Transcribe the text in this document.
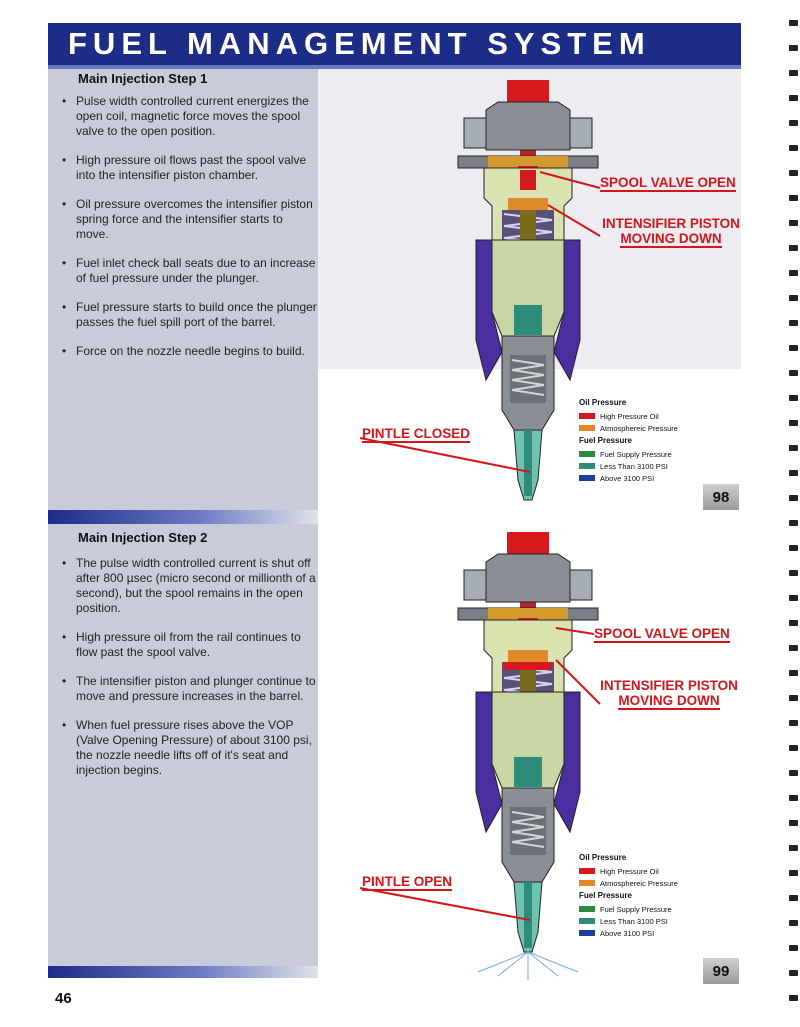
FUEL MANAGEMENT SYSTEM
Main Injection Step 1
• Pulse width controlled current energizes the open coil, magnetic force moves the spool valve to the open position.
• High pressure oil flows past the spool valve into the intensifier piston chamber.
• Oil pressure overcomes the intensifier piston spring force and the intensifier starts to move.
• Fuel inlet check ball seats due to an increase of fuel pressure under the plunger.
• Fuel pressure starts to build once the plunger passes the fuel spill port of the barrel.
• Force on the nozzle needle begins to build.
Main Injection Step 2
• The pulse width controlled current is shut off after 800 µsec (micro second or millionth of a second), but the spool remains in the open position.
• High pressure oil from the rail continues to flow past the spool valve.
• The intensifier piston and plunger continue to move and pressure increases in the barrel.
• When fuel pressure rises above the VOP (Valve Opening Pressure) of about 3100 psi, the nozzle needle lifts off of it's seat and injection begins.
SPOOL VALVE OPEN
INTENSIFIER PISTON
MOVING DOWN
PINTLE CLOSED
SPOOL VALVE OPEN
INTENSIFIER PISTON
MOVING DOWN
PINTLE OPEN
Oil Pressure
High Pressure Oil
Atmosphereic Pressure
Fuel Pressure
Fuel Supply Pressure
Less Than 3100 PSI
Above 3100 PSI
Oil Pressure
High Pressure Oil
Atmosphereic Pressure
Fuel Pressure
Fuel Supply Pressure
Less Than 3100 PSI
Above 3100 PSI
98
99
46
